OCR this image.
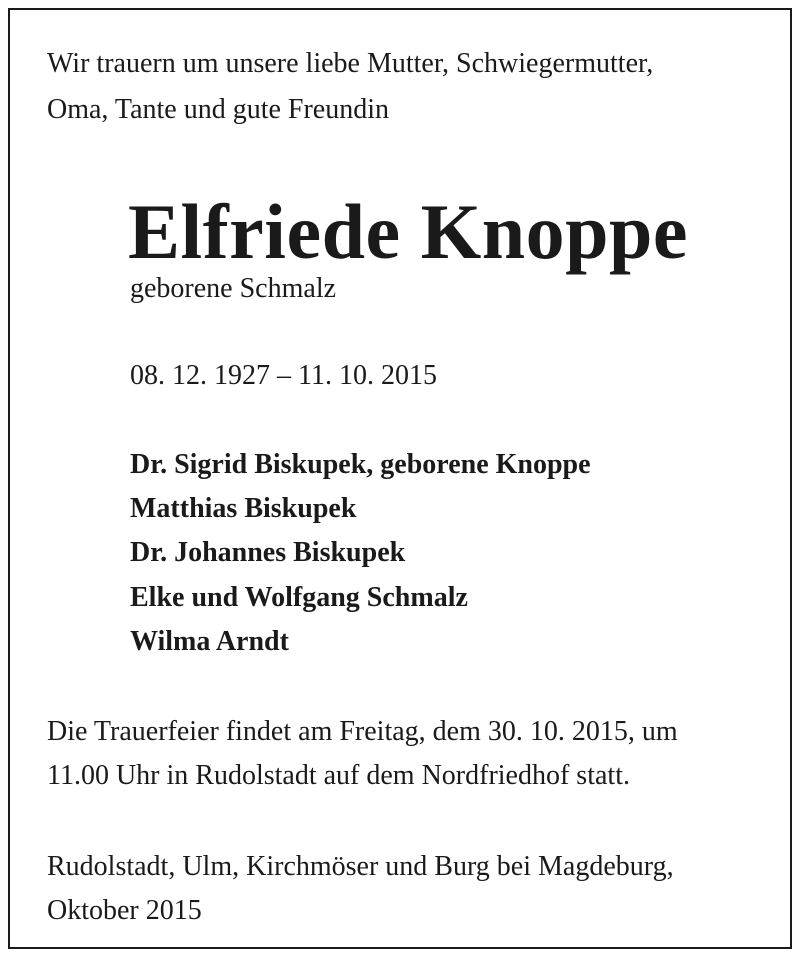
Wir trauern um unsere liebe Mutter, Schwiegermutter,

Oma, Tante und gute Freundin

Elfriede Knoppe

geborene Schmalz

08. 12. 1927 – 11. 10. 2015

Dr. Sigrid Biskupek, geborene Knoppe

Matthias Biskupek

Dr. Johannes Biskupek

Elke und Wolfgang Schmalz

Wilma Arndt

Die Trauerfeier findet am Freitag, dem 30. 10. 2015, um

11.00 Uhr in Rudolstadt auf dem Nordfriedhof statt.

Rudolstadt, Ulm, Kirchmöser und Burg bei Magdeburg,

Oktober 2015
